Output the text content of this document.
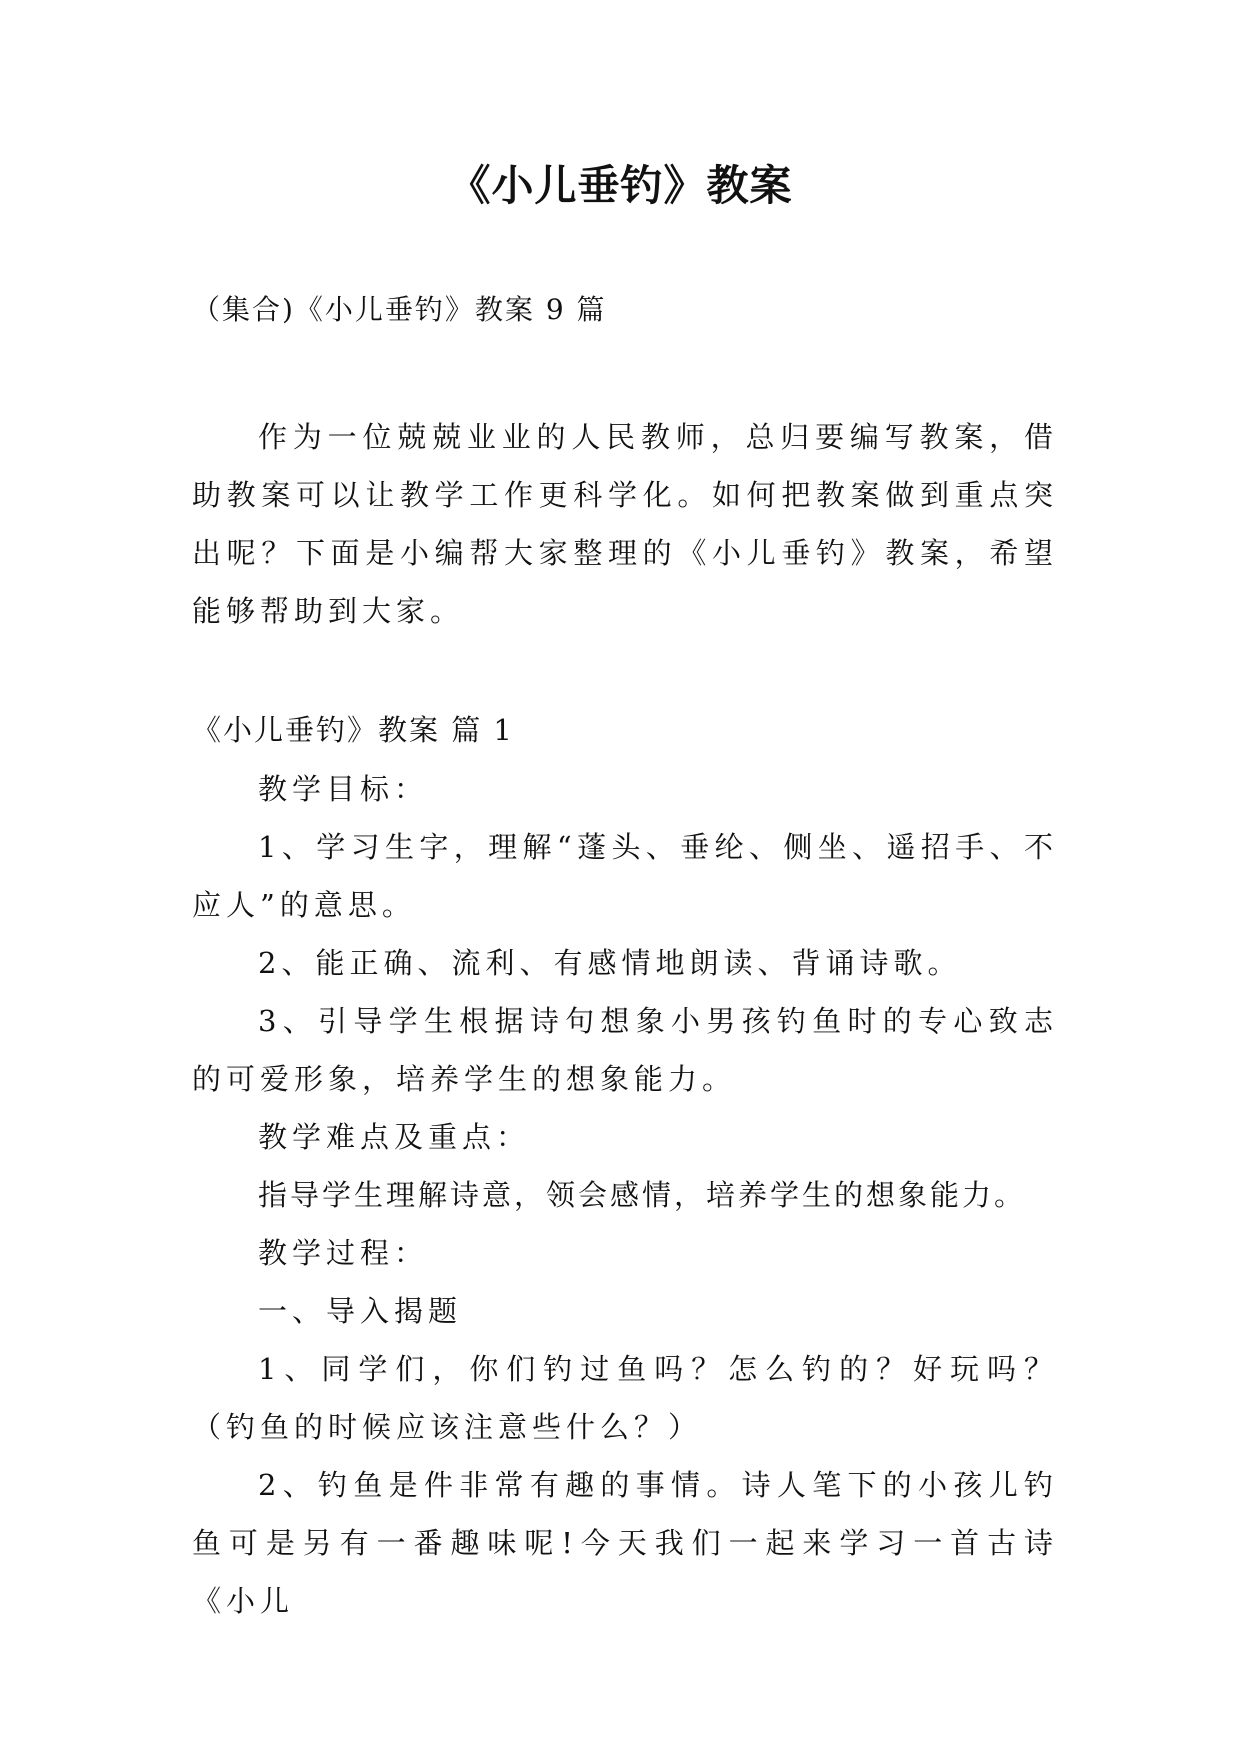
《小儿垂钓》教案
（集合)《小儿垂钓》教案 9 篇

作为一位兢兢业业的人民教师，总归要编写教案，借助教案可以让教学工作更科学化。如何把教案做到重点突出呢？下面是小编帮大家整理的《小儿垂钓》教案，希望能够帮助到大家。

《小儿垂钓》教案 篇 1

教学目标：

1、学习生字，理解“蓬头、垂纶、侧坐、遥招手、不应人”的意思。

2、能正确、流利、有感情地朗读、背诵诗歌。

3、引导学生根据诗句想象小男孩钓鱼时的专心致志的可爱形象，培养学生的想象能力。

教学难点及重点：

指导学生理解诗意，领会感情，培养学生的想象能力。

教学过程：

一、导入揭题

1、同学们，你们钓过鱼吗？怎么钓的？好玩吗？（钓鱼的时候应该注意些什么？）

2、钓鱼是件非常有趣的事情。诗人笔下的小孩儿钓鱼可是另有一番趣味呢!今天我们一起来学习一首古诗《小儿
